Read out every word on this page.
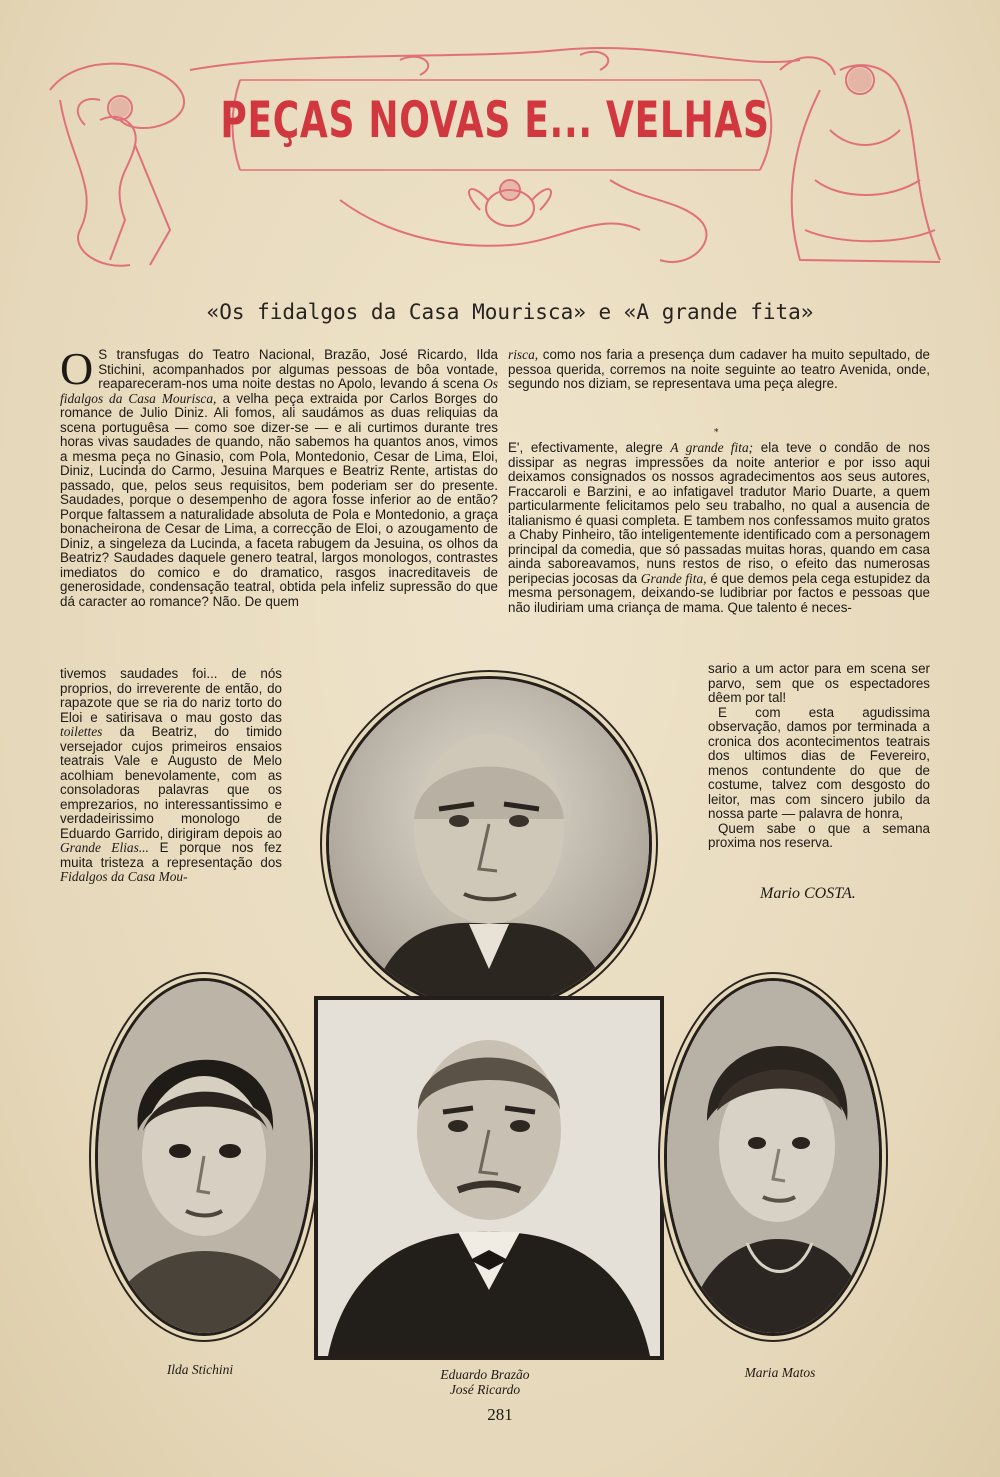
PEÇAS NOVAS E... VELHAS
«Os fidalgos da Casa Mourisca» e «A grande fita»
O S transfugas do Teatro Nacional, Brazão, José Ricardo, Ilda Stichini, acompanhados por algumas pessoas de bôa vontade, reapareceram-nos uma noite destas no Apolo, levando á scena Os fidalgos da Casa Mourisca, a velha peça extraida por Carlos Borges do romance de Julio Diniz. Ali fomos, ali saudámos as duas reliquias da scena portuguêsa — como soe dizer-se — e ali curtimos durante tres horas vivas saudades de quando, não sabemos ha quantos anos, vimos a mesma peça no Ginasio, com Pola, Montedonio, Cesar de Lima, Eloi, Diniz, Lucinda do Carmo, Jesuina Marques e Beatriz Rente, artistas do passado, que, pelos seus requisitos, bem poderiam ser do presente. Saudades, porque o desempenho de agora fosse inferior ao de então? Porque faltassem a naturalidade absoluta de Pola e Montedonio, a graça bonacheirona de Cesar de Lima, a correcção de Eloi, o azougamento de Diniz, a singeleza da Lucinda, a faceta rabugem da Jesuina, os olhos da Beatriz? Saudades daquele genero teatral, largos monologos, contrastes imediatos do comico e do dramatico, rasgos inacreditaveis de generosidade, condensação teatral, obtida pela infeliz supressão do que dá caracter ao romance? Não. De quem
tivemos saudades foi... de nós proprios, do irreverente de então, do rapazote que se ria do nariz torto do Eloi e satirisava o mau gosto das toilettes da Beatriz, do timido versejador cujos primeiros ensaios teatrais Vale e Augusto de Melo acolhiam benevolamente, com as consoladoras palavras que os emprezarios, no interessantissimo e verdadeirissimo monologo de Eduardo Garrido, dirigiram depois ao Grande Elias... E porque nos fez muita tristeza a representação dos Fidalgos da Casa Mou-
risca, como nos faria a presença dum cadaver ha muito sepultado, de pessoa querida, corremos na noite seguinte ao teatro Avenida, onde, segundo nos diziam, se representava uma peça alegre.
*
E', efectivamente, alegre A grande fita; ela teve o condão de nos dissipar as negras impressões da noite anterior e por isso aqui deixamos consignados os nossos agradecimentos aos seus autores, Fraccaroli e Barzini, e ao infatigavel tradutor Mario Duarte, a quem particularmente felicitamos pelo seu trabalho, no qual a ausencia de italianismo é quasi completa. E tambem nos confessamos muito gratos a Chaby Pinheiro, tão inteligentemente identificado com a personagem principal da comedia, que só passadas muitas horas, quando em casa ainda saboreavamos, nuns restos de riso, o efeito das numerosas peripecias jocosas da Grande fita, é que demos pela cega estupidez da mesma personagem, deixando-se ludibriar por factos e pessoas que não iludiriam uma criança de mama. Que talento é neces-

sario a um actor para em scena ser parvo, sem que os espectadores dêem por tal!

E com esta agudissima observação, damos por terminada a cronica dos acontecimentos teatrais dos ultimos dias de Fevereiro, menos contundente do que de costume, talvez com desgosto do leitor, mas com sincero jubilo da nossa parte — palavra de honra,

Quem sabe o que a semana proxima nos reserva.

Mario COSTA.
Ilda Stichini	Eduardo Brazão
José Ricardo
Maria Matos
281
